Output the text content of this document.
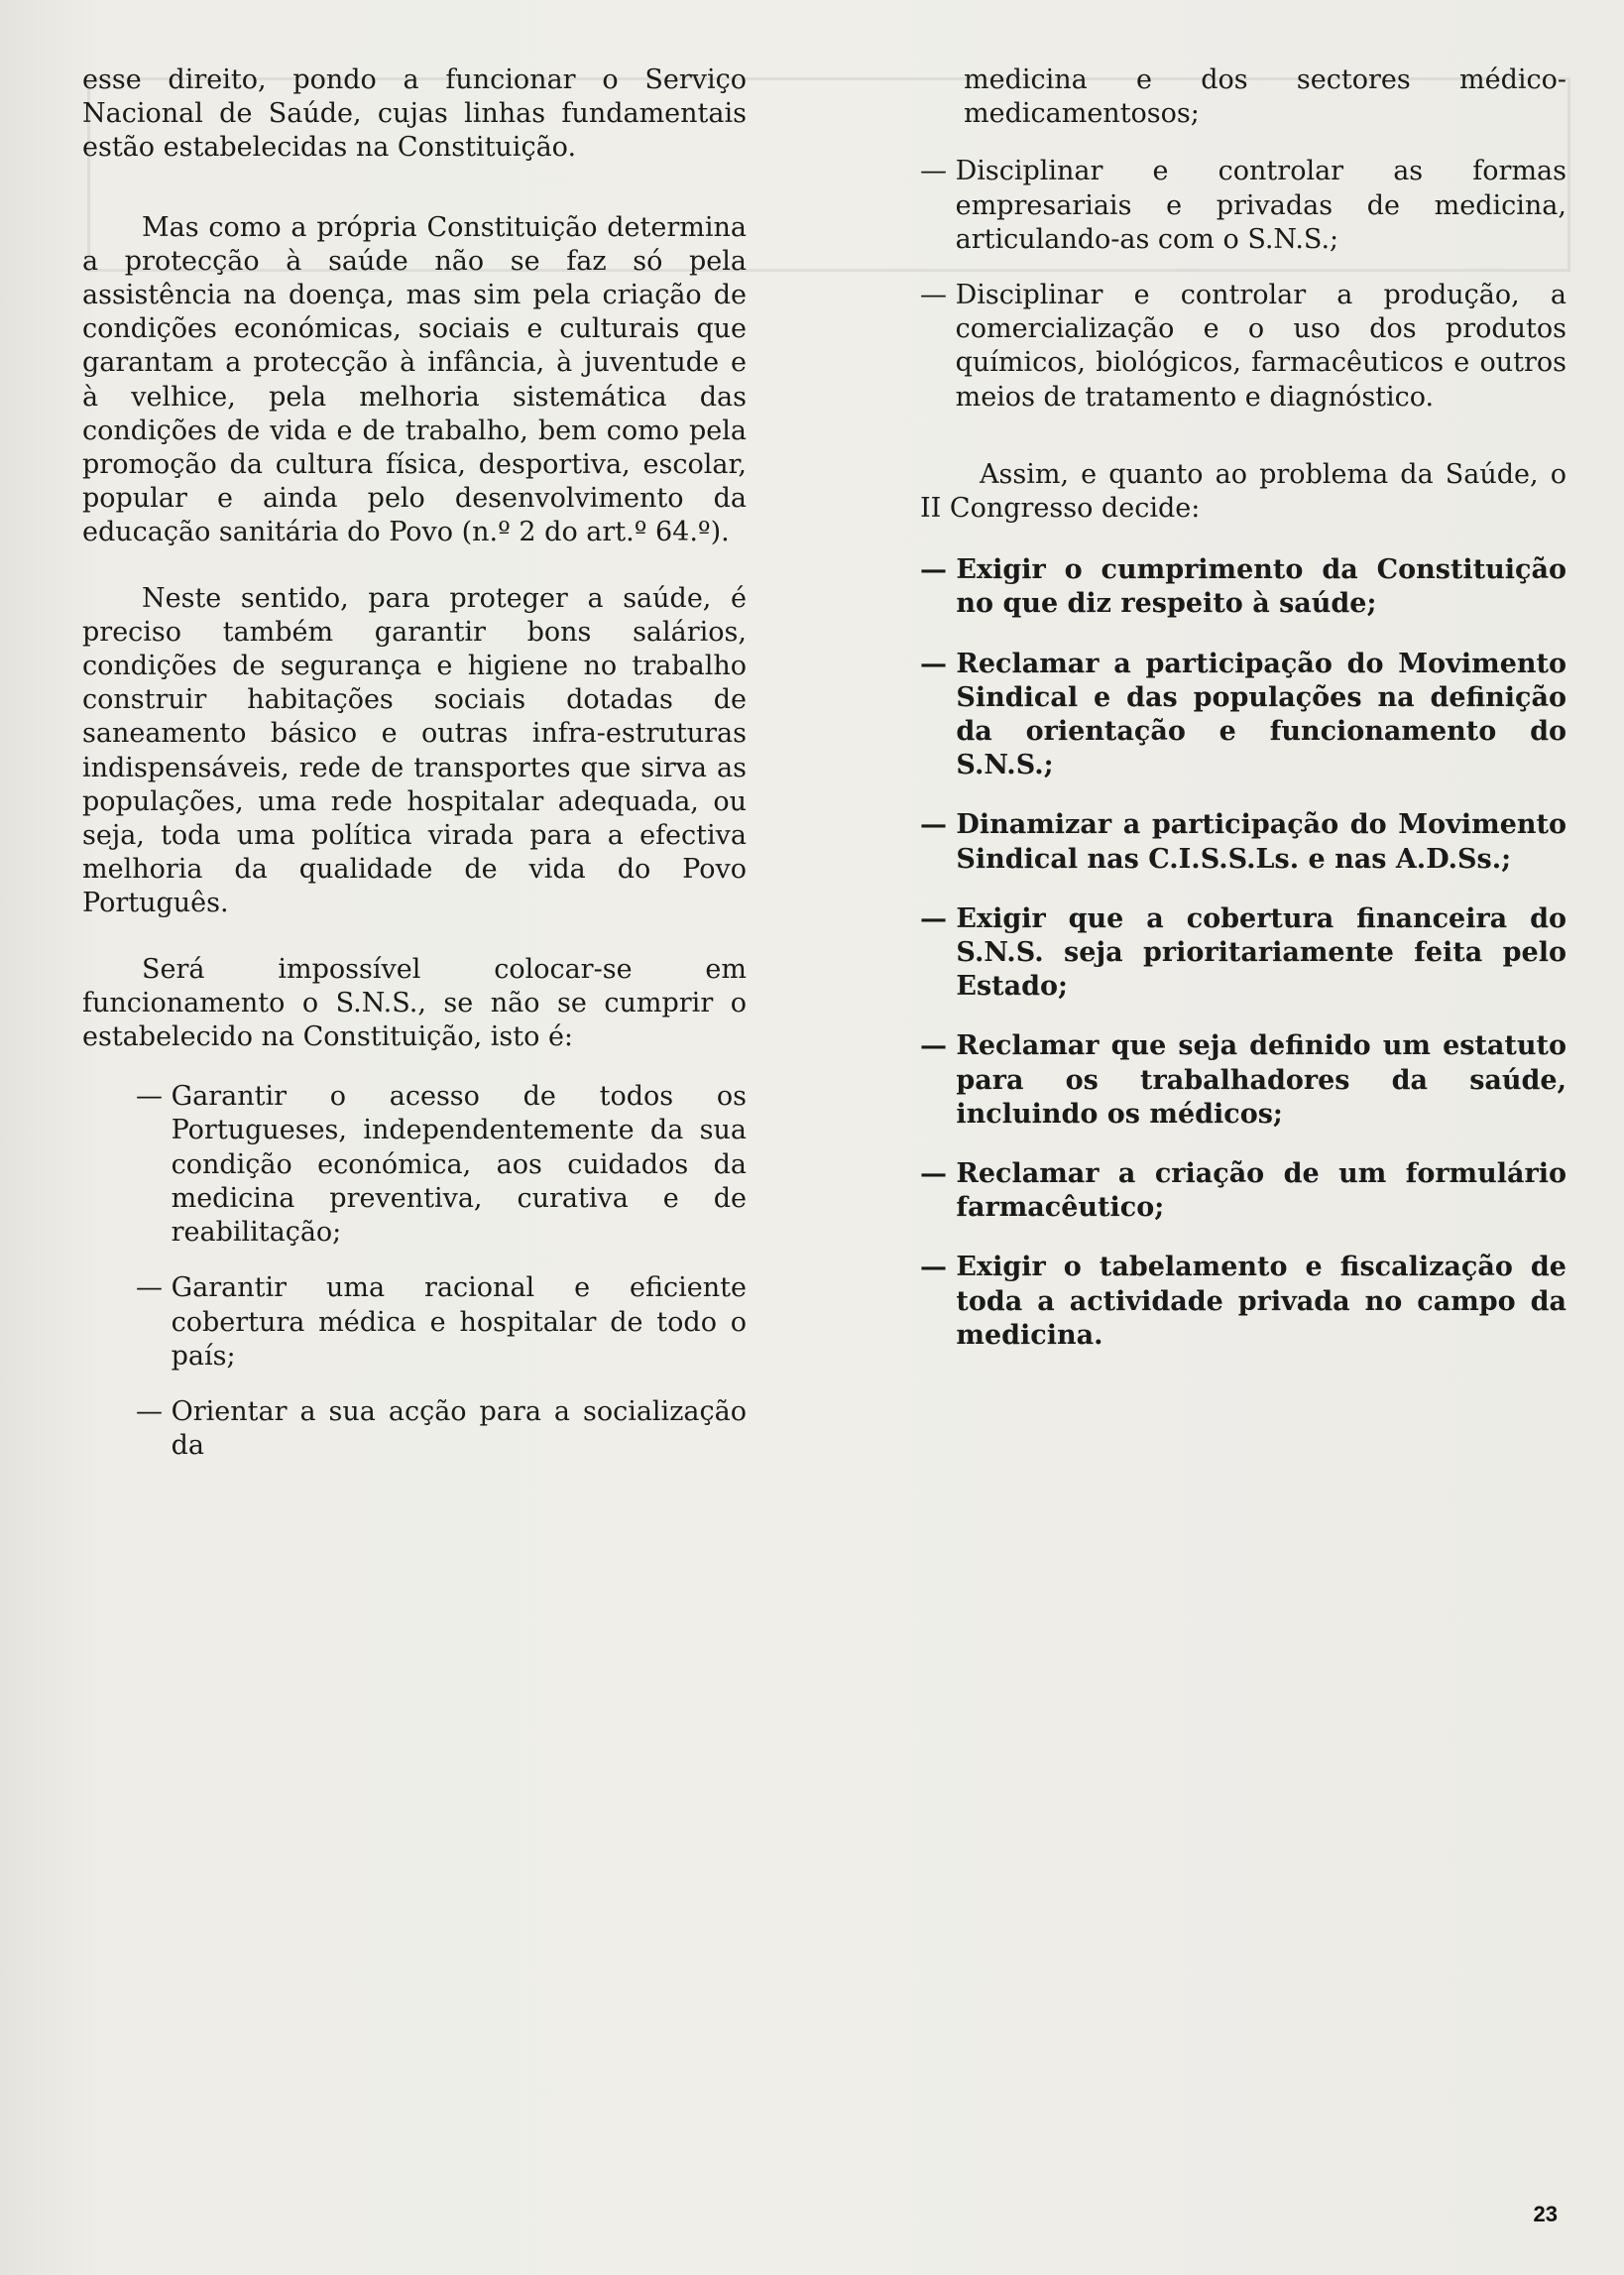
esse direito, pondo a funcionar o Serviço Nacional de Saúde, cujas linhas fundamentais estão estabelecidas na Constituição.

Mas como a própria Constituição determina a protecção à saúde não se faz só pela assistência na doença, mas sim pela criação de condições económicas, sociais e culturais que garantam a protecção à infância, à juventude e à velhice, pela melhoria sistemática das condições de vida e de trabalho, bem como pela promoção da cultura física, desportiva, escolar, popular e ainda pelo desenvolvimento da educação sanitária do Povo (n.º 2 do art.º 64.º).

Neste sentido, para proteger a saúde, é preciso também garantir bons salários, condições de segurança e higiene no trabalho construir habitações sociais dotadas de saneamento básico e outras infra-estruturas indispensáveis, rede de transportes que sirva as populações, uma rede hospitalar adequada, ou seja, toda uma política virada para a efectiva melhoria da qualidade de vida do Povo Português.

Será impossível colocar-se em funcionamento o S.N.S., se não se cumprir o estabelecido na Constituição, isto é:

— Garantir o acesso de todos os Portugueses, independentemente da sua condição económica, aos cuidados da medicina preventiva, curativa e de reabilitação;
— Garantir uma racional e eficiente cobertura médica e hospitalar de todo o país;
— Orientar a sua acção para a socialização da

medicina e dos sectores médico-medicamentosos;

— Disciplinar e controlar as formas empresariais e privadas de medicina, articulando-as com o S.N.S.;
— Disciplinar e controlar a produção, a comercialização e o uso dos produtos químicos, biológicos, farmacêuticos e outros meios de tratamento e diagnóstico.

Assim, e quanto ao problema da Saúde, o II Congresso decide:

— Exigir o cumprimento da Constituição no que diz respeito à saúde;
— Reclamar a participação do Movimento Sindical e das populações na definição da orientação e funcionamento do S.N.S.;
— Dinamizar a participação do Movimento Sindical nas C.I.S.S.Ls. e nas A.D.Ss.;
— Exigir que a cobertura financeira do S.N.S. seja prioritariamente feita pelo Estado;
— Reclamar que seja definido um estatuto para os trabalhadores da saúde, incluindo os médicos;
— Reclamar a criação de um formulário farmacêutico;
— Exigir o tabelamento e fiscalização de toda a actividade privada no campo da medicina.
23
